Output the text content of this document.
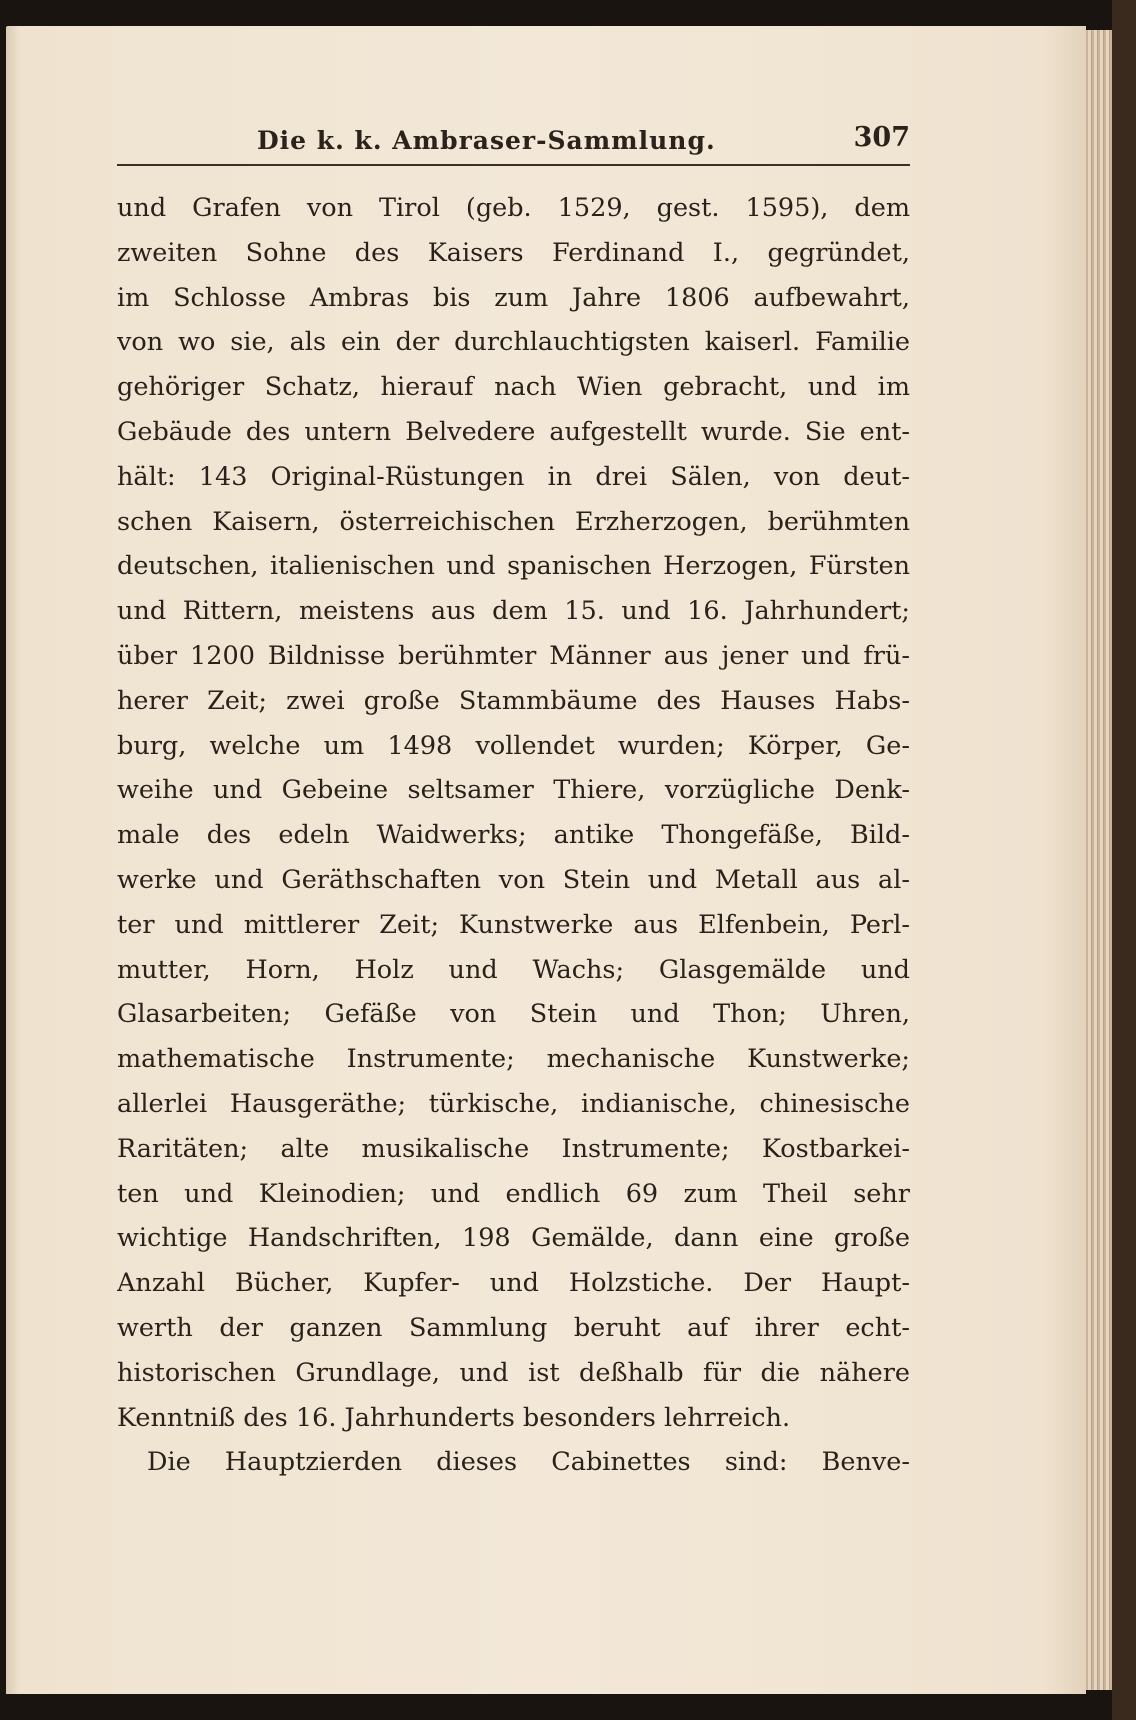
Die k. k. Ambraser-Sammlung.	307
und Grafen von Tirol (geb. 1529, gest. 1595), dem
zweiten Sohne des Kaisers Ferdinand I., gegründet,
im Schlosse Ambras bis zum Jahre 1806 aufbewahrt,
von wo sie, als ein der durchlauchtigsten kaiserl. Familie
gehöriger Schatz, hierauf nach Wien gebracht, und im
Gebäude des untern Belvedere aufgestellt wurde. Sie ent-
hält: 143 Original-Rüstungen in drei Sälen, von deut-
schen Kaisern, österreichischen Erzherzogen, berühmten
deutschen, italienischen und spanischen Herzogen, Fürsten
und Rittern, meistens aus dem 15. und 16. Jahrhundert;
über 1200 Bildnisse berühmter Männer aus jener und frü-
herer Zeit; zwei große Stammbäume des Hauses Habs-
burg, welche um 1498 vollendet wurden; Körper, Ge-
weihe und Gebeine seltsamer Thiere, vorzügliche Denk-
male des edeln Waidwerks; antike Thongefäße, Bild-
werke und Geräthschaften von Stein und Metall aus al-
ter und mittlerer Zeit; Kunstwerke aus Elfenbein, Perl-
mutter, Horn, Holz und Wachs; Glasgemälde und
Glasarbeiten; Gefäße von Stein und Thon; Uhren,
mathematische Instrumente; mechanische Kunstwerke;
allerlei Hausgeräthe; türkische, indianische, chinesische
Raritäten; alte musikalische Instrumente; Kostbarkei-
ten und Kleinodien; und endlich 69 zum Theil sehr
wichtige Handschriften, 198 Gemälde, dann eine große
Anzahl Bücher, Kupfer- und Holzstiche. Der Haupt-
werth der ganzen Sammlung beruht auf ihrer echt-
historischen Grundlage, und ist deßhalb für die nähere
Kenntniß des 16. Jahrhunderts besonders lehrreich.
Die Hauptzierden dieses Cabinettes sind: Benve-
